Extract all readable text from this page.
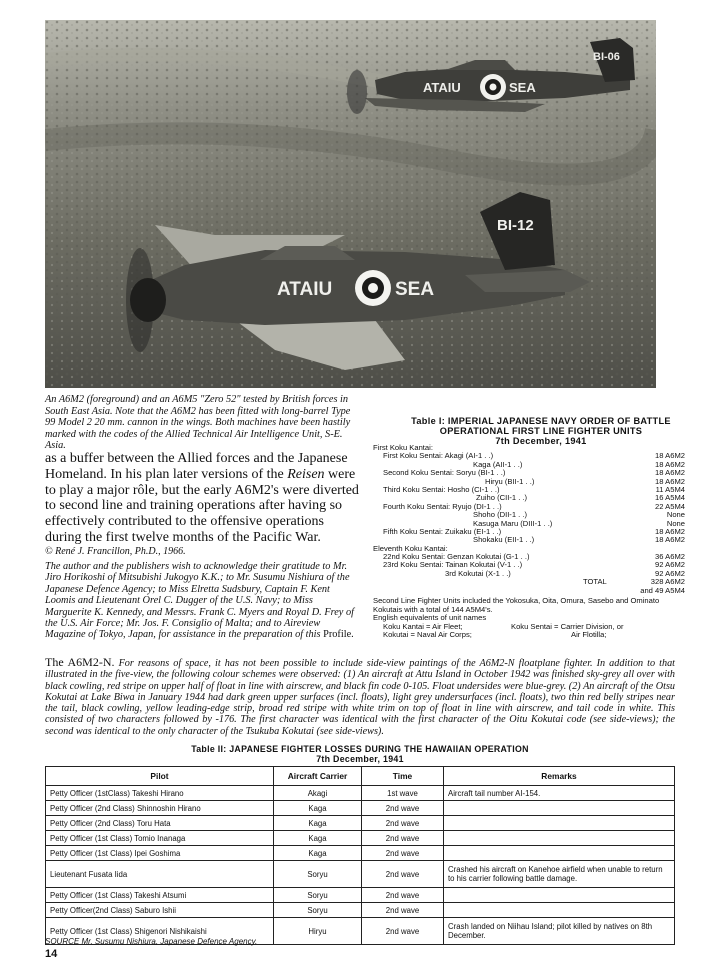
ATAIU	SEA
BI-06
ATAIU	SEA
BI-12
An A6M2 (foreground) and an A6M5 "Zero 52" tested by British forces in South East Asia. Note that the A6M2 has been fitted with long-barrel Type 99 Model 2 20 mm. cannon in the wings. Both machines have been hastily marked with the codes of the Allied Technical Air Intelligence Unit, S-E. Asia.
as a buffer between the Allied forces and the Japanese Homeland. In his plan later versions of the Reisen were to play a major rôle, but the early A6M2's were diverted to second line and training operations after having so effectively contributed to the offensive operations during the first twelve months of the Pacific War.
© René J. Francillon, Ph.D., 1966.
The author and the publishers wish to acknowledge their gratitude to Mr. Jiro Horikoshi of Mitsubishi Jukogyo K.K.; to Mr. Susumu Nishiura of the Japanese Defence Agency; to Miss Elretta Sudsbury, Captain F. Kent Loomis and Lieutenant Orel C. Dugger of the U.S. Navy; to Miss Marguerite K. Kennedy, and Messrs. Frank C. Myers and Royal D. Frey of the U.S. Air Force; Mr. Jos. F. Consiglio of Malta; and to Aireview Magazine of Tokyo, Japan, for assistance in the preparation of this Profile.
Table I: IMPERIAL JAPANESE NAVY ORDER OF BATTLE
OPERATIONAL FIRST LINE FIGHTER UNITS
7th December, 1941
First Koku Kantai:
First Koku Sentai: Akagi (AI-1 . .)	18 A6M2
Kaga (AII-1 . .)	18 A6M2
Second Koku Sentai: Soryu (BI-1 . .)	18 A6M2
Hiryu (BII-1 . .)	18 A6M2
Third Koku Sentai: Hosho (CI-1 . .)	11 A5M4
Zuiho (CII-1 . .)	16 A5M4
Fourth Koku Sentai: Ryujo (DI-1 . .)	22 A5M4
Shoho (DII-1 . .)	None
Kasuga Maru (DIII-1 . .)	None
Fifth Koku Sentai: Zuikaku (EI-1 . .)	18 A6M2
Shokaku (EII-1 . .)	18 A6M2
Eleventh Koku Kantai:
22nd Koku Sentai: Genzan Kokutai (G-1 . .)	36 A6M2
23rd Koku Sentai: Tainan Kokutai (V-1 . .)	92 A6M2
3rd Kokutai (X-1 . .)	92 A6M2
TOTAL	328 A6M2
and 49 A5M4
Second Line Fighter Units included the Yokosuka, Oita, Omura, Sasebo and Ominato Kokutais with a total of 144 A5M4's.
English equivalents of unit names
Koku Kantai = Air Fleet;	Koku Sentai = Carrier Division, or
Kokutai = Naval Air Corps;	Air Flotilla;
The A6M2-N. For reasons of space, it has not been possible to include side-view paintings of the A6M2-N floatplane fighter. In addition to that illustrated in the five-view, the following colour schemes were observed: (1) An aircraft at Attu Island in October 1942 was finished sky-grey all over with black cowling, red stripe on upper half of float in line with airscrew, and black fin code 0-105. Float undersides were blue-grey. (2) An aircraft of the Otsu Kokutai at Lake Biwa in January 1944 had dark green upper surfaces (incl. floats), light grey undersurfaces (incl. floats), two thin red belly stripes near the tail, black cowling, yellow leading-edge strip, broad red stripe with white trim on top of float in line with airscrew, and tail code in white. This consisted of two characters followed by -176. The first character was identical with the first character of the Oitu Kokutai code (see side-views); the second was identical to the only character of the Tsukuba Kokutai (see side-views).
Table II: JAPANESE FIGHTER LOSSES DURING THE HAWAIIAN OPERATION
7th December, 1941
Pilot	Aircraft Carrier	Time	Remarks
Petty Officer (1stClass) Takeshi Hirano	Akagi	1st wave	Aircraft tail number AI-154.
Petty Officer (2nd Class) Shinnoshin Hirano	Kaga	2nd wave	
Petty Officer (2nd Class) Toru Hata	Kaga	2nd wave	
Petty Officer (1st Class) Tomio Inanaga	Kaga	2nd wave	
Petty Officer (1st Class) Ipei Goshima	Kaga	2nd wave	
Lieutenant Fusata Iida	Soryu	2nd wave	Crashed his aircraft on Kanehoe airfield when unable to return to his carrier following battle damage.
Petty Officer (1st Class) Takeshi Atsumi	Soryu	2nd wave	
Petty Officer(2nd Class) Saburo Ishii	Soryu	2nd wave	
Petty Officer (1st Class) Shigenori Nishikaishi	Hiryu	2nd wave	Crash landed on Niihau Island; pilot killed by natives on 8th December.
SOURCE Mr. Susumu Nishiura, Japanese Defence Agency.
14
